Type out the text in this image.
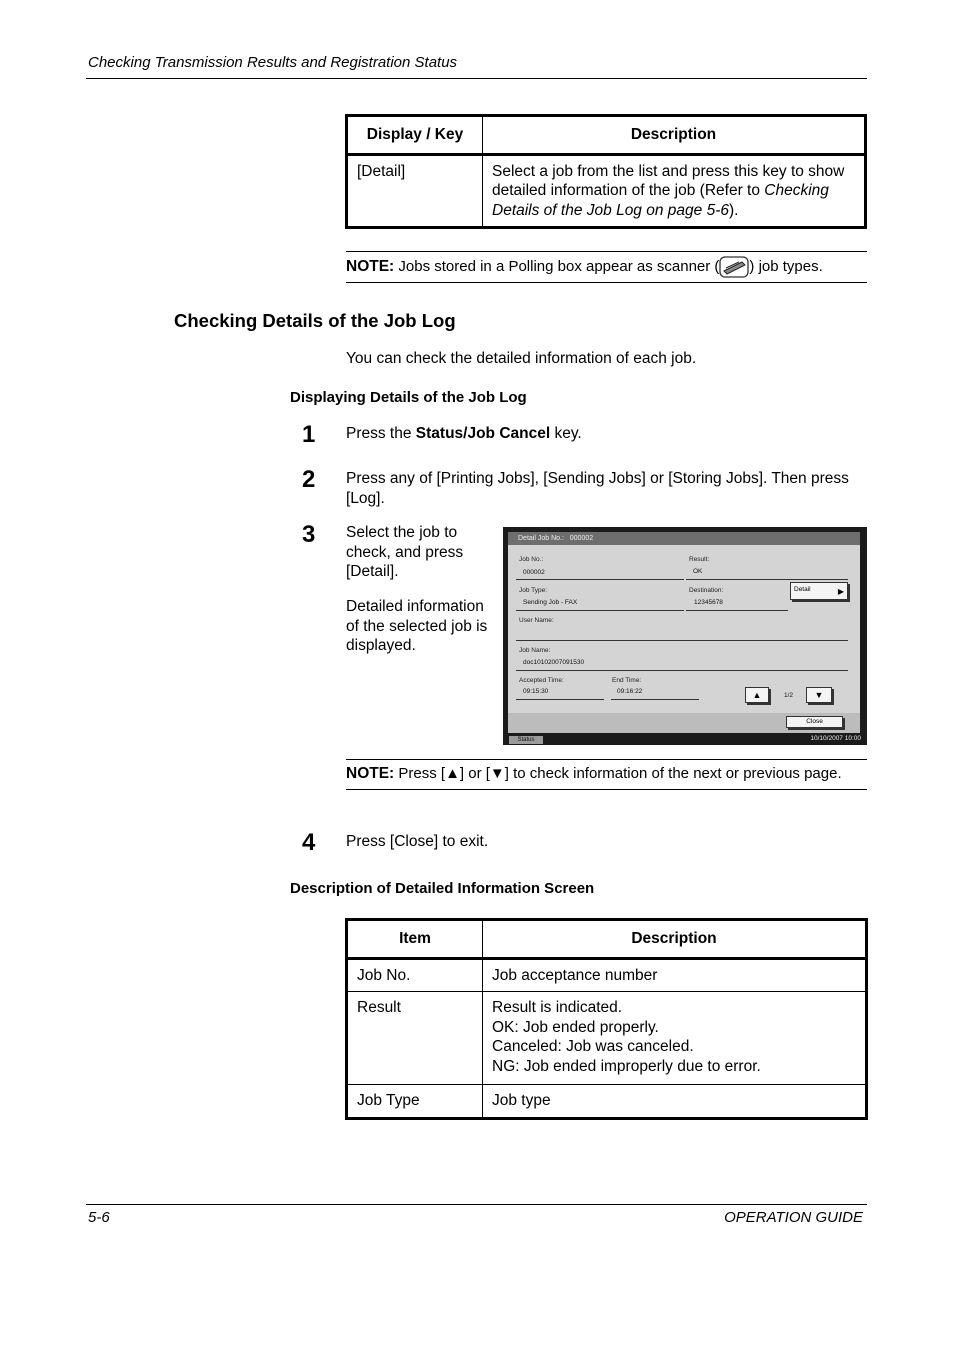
Checking Transmission Results and Registration Status
Display / Key	Description
[Detail]	Select a job from the list and press this key to show detailed information of the job (Refer to Checking Details of the Job Log on page 5-6).
NOTE: Jobs stored in a Polling box appear as scanner ( ) job types.
Checking Details of the Job Log
You can check the detailed information of each job.
Displaying Details of the Job Log
1 Press the Status/Job Cancel key.
2 Press any of [Printing Jobs], [Sending Jobs] or [Storing Jobs]. Then press [Log].
3 Select the job to check, and press [Detail].
Detailed information of the selected job is displayed.
Detail Job No.: 000002
Job No.:
000002
Result:
OK
Job Type:
Sending Job - FAX
Destination:
12345678
Detail	▶
User Name:
Job Name:
doc10102007091530
Accepted Time:
09:15:30
End Time:
09:16:22	▲	1/2	▼
Close
Status	10/10/2007 10:00
NOTE: Press [▲] or [▼] to check information of the next or previous page.
4 Press [Close] to exit.
Description of Detailed Information Screen
Item	Description
Job No.	Job acceptance number
Result	Result is indicated.
OK: Job ended properly.
Canceled: Job was canceled.
NG: Job ended improperly due to error.

Job Type	Job type
5-6	OPERATION GUIDE
